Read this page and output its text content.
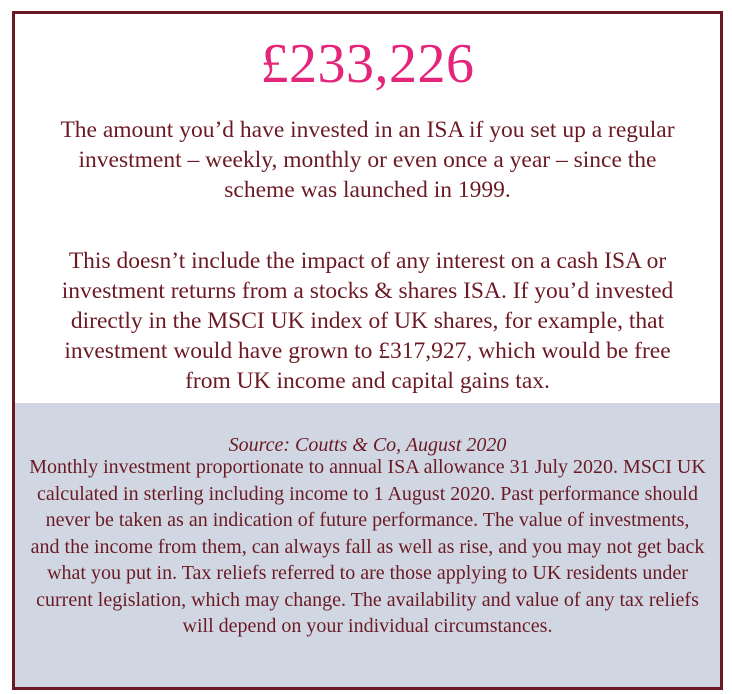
£233,226
The amount you’d have invested in an ISA if you set up a regular investment – weekly, monthly or even once a year – since the scheme was launched in 1999.
This doesn’t include the impact of any interest on a cash ISA or investment returns from a stocks & shares ISA. If you’d invested directly in the MSCI UK index of UK shares, for example, that investment would have grown to £317,927, which would be free from UK income and capital gains tax.
Source: Coutts & Co, August 2020
Monthly investment proportionate to annual ISA allowance 31 July 2020. MSCI UK calculated in sterling including income to 1 August 2020. Past performance should never be taken as an indication of future performance. The value of investments, and the income from them, can always fall as well as rise, and you may not get back what you put in. Tax reliefs referred to are those applying to UK residents under current legislation, which may change. The availability and value of any tax reliefs will depend on your individual circumstances.
